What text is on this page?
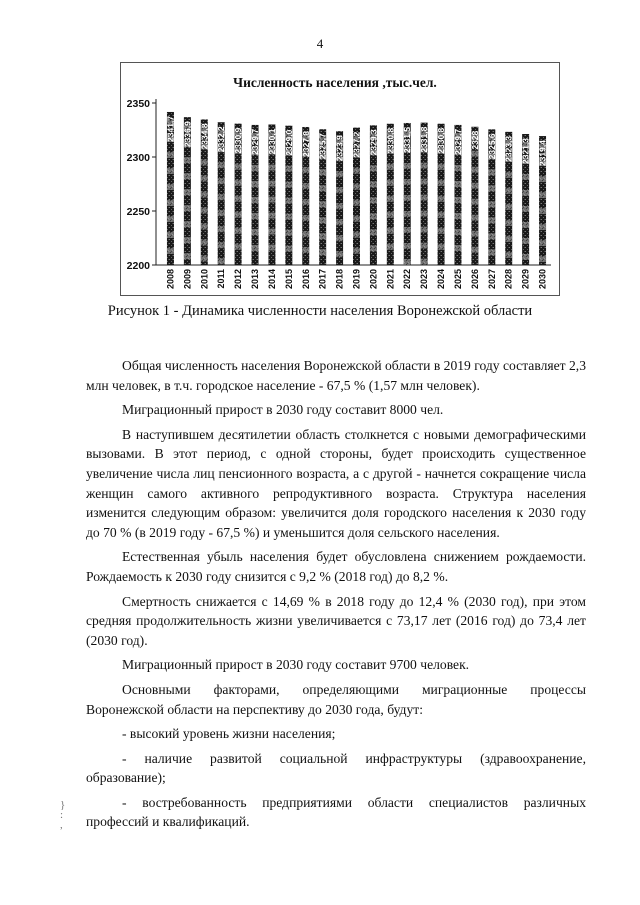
4
Численность населения ,тыс.чел.
2200
2250
2300
2350
2341,7
2008
2336,9
2009
2334,8
2010
2332,2
2011
2330,9
2012
2329,7
2013
2330,1
2014
2329,0
2015
2327,8
2016
2325,7
2017
2323,9
2018
2327,2
2019
2329,3
2020
2330,8
2021
2331,5
2022
2331,8
2023
2330,8
2024
2329,7
2025
2328
2026
2325,6
2027
2323,3
2028
2321,3
2029
2319,4
2030
Рисунок 1 - Динамика численности населения Воронежской области

Общая численность населения Воронежской области в 2019 году составляет 2,3 млн человек, в т.ч. городское население - 67,5 % (1,57 млн человек).

Миграционный прирост в 2030 году составит 8000 чел.

В наступившем десятилетии область столкнется с новыми демографическими вызовами. В этот период, с одной стороны, будет происходить существенное увеличение числа лиц пенсионного возраста, а с другой - начнется сокращение числа женщин самого активного репродуктивного возраста. Структура населения изменится следующим образом: увеличится доля городского населения к 2030 году до 70 % (в 2019 году - 67,5 %) и уменьшится доля сельского населения.

Естественная убыль населения будет обусловлена снижением рождаемости. Рождаемость к 2030 году снизится с 9,2 % (2018 год) до 8,2 %.

Смертность снижается с 14,69 % в 2018 году до 12,4 % (2030 год), при этом средняя продолжительность жизни увеличивается с 73,17 лет (2016 год) до 73,4 лет (2030 год).

Миграционный прирост в 2030 году составит 9700 человек.

Основными факторами, определяющими миграционные процессы Воронежской области на перспективу до 2030 года, будут:

- высокий уровень жизни населения;

- наличие развитой социальной инфраструктуры (здравоохранение, образование);

- востребованность предприятиями области специалистов различных профессий и квалификаций.

}
:
,
